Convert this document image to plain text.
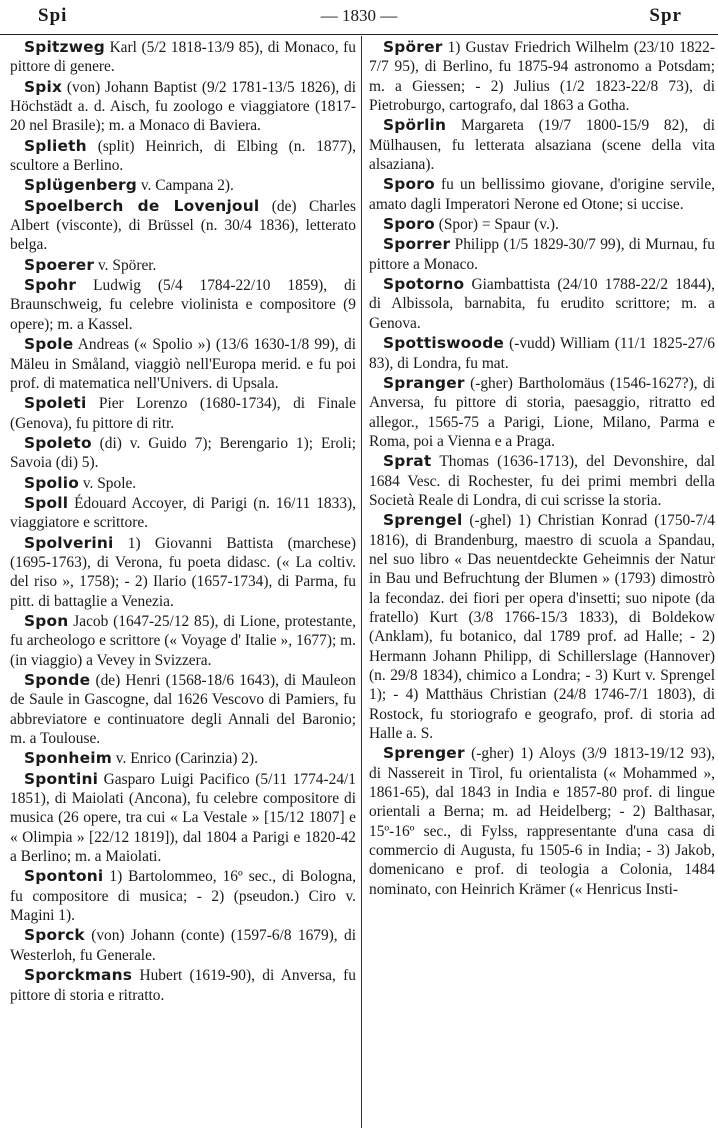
Spi	— 1830 —	Spr

Spitzweg Karl (5/2 1818-13/9 85), di Monaco, fu pittore di genere.

Spix (von) Johann Baptist (9/2 1781-13/5 1826), di Höchstädt a. d. Aisch, fu zoologo e viaggiatore (1817-20 nel Brasile); m. a Monaco di Baviera.

Splieth (split) Heinrich, di Elbing (n. 1877), scultore a Berlino.

Splügenberg v. Campana 2).

Spoelberch de Lovenjoul (de) Charles Albert (visconte), di Brüssel (n. 30/4 1836), letterato belga.

Spoerer v. Spörer.

Spohr Ludwig (5/4 1784-22/10 1859), di Braunschweig, fu celebre violinista e compositore (9 opere); m. a Kassel.

Spole Andreas (« Spolio ») (13/6 1630-1/8 99), di Mäleu in Småland, viaggiò nell'Europa merid. e fu poi prof. di matematica nell'Univers. di Upsala.

Spoleti Pier Lorenzo (1680-1734), di Finale (Genova), fu pittore di ritr.

Spoleto (di) v. Guido 7); Berengario 1); Eroli; Savoia (di) 5).

Spolio v. Spole.

Spoll Édouard Accoyer, di Parigi (n. 16/11 1833), viaggiatore e scrittore.

Spolverini 1) Giovanni Battista (marchese) (1695-1763), di Verona, fu poeta didasc. (« La coltiv. del riso », 1758); - 2) Ilario (1657-1734), di Parma, fu pitt. di battaglie a Venezia.

Spon Jacob (1647-25/12 85), di Lione, protestante, fu archeologo e scrittore (« Voyage d' Italie », 1677); m. (in viaggio) a Vevey in Svizzera.

Sponde (de) Henri (1568-18/6 1643), di Mauleon de Saule in Gascogne, dal 1626 Vescovo di Pamiers, fu abbreviatore e continuatore degli Annali del Baronio; m. a Toulouse.

Sponheim v. Enrico (Carinzia) 2).

Spontini Gasparo Luigi Pacifico (5/11 1774-24/1 1851), di Maiolati (Ancona), fu celebre compositore di musica (26 opere, tra cui « La Vestale » [15/12 1807] e « Olimpia » [22/12 1819]), dal 1804 a Parigi e 1820-42 a Berlino; m. a Maiolati.

Spontoni 1) Bartolommeo, 16º sec., di Bologna, fu compositore di musica; - 2) (pseudon.) Ciro v. Magini 1).

Sporck (von) Johann (conte) (1597-6/8 1679), di Westerloh, fu Generale.

Sporckmans Hubert (1619-90), di Anversa, fu pittore di storia e ritratto.

Spörer 1) Gustav Friedrich Wilhelm (23/10 1822-7/7 95), di Berlino, fu 1875-94 astronomo a Potsdam; m. a Giessen; - 2) Julius (1/2 1823-22/8 73), di Pietroburgo, cartografo, dal 1863 a Gotha.

Spörlin Margareta (19/7 1800-15/9 82), di Mülhausen, fu letterata alsaziana (scene della vita alsaziana).

Sporo fu un bellissimo giovane, d'origine servile, amato dagli Imperatori Nerone ed Otone; si uccise.

Sporo (Spor) = Spaur (v.).

Sporrer Philipp (1/5 1829-30/7 99), di Murnau, fu pittore a Monaco.

Spotorno Giambattista (24/10 1788-22/2 1844), di Albissola, barnabita, fu erudito scrittore; m. a Genova.

Spottiswoode (-vudd) William (11/1 1825-27/6 83), di Londra, fu mat.

Spranger (-gher) Bartholomäus (1546-1627?), di Anversa, fu pittore di storia, paesaggio, ritratto ed allegor., 1565-75 a Parigi, Lione, Milano, Parma e Roma, poi a Vienna e a Praga.

Sprat Thomas (1636-1713), del Devonshire, dal 1684 Vesc. di Rochester, fu dei primi membri della Società Reale di Londra, di cui scrisse la storia.

Sprengel (-ghel) 1) Christian Konrad (1750-7/4 1816), di Brandenburg, maestro di scuola a Spandau, nel suo libro « Das neuentdeckte Geheimnis der Natur in Bau und Befruchtung der Blumen » (1793) dimostrò la fecondaz. dei fiori per opera d'insetti; suo nipote (da fratello) Kurt (3/8 1766-15/3 1833), di Boldekow (Anklam), fu botanico, dal 1789 prof. ad Halle; - 2) Hermann Johann Philipp, di Schillerslage (Hannover) (n. 29/8 1834), chimico a Londra; - 3) Kurt v. Sprengel 1); - 4) Matthäus Christian (24/8 1746-7/1 1803), di Rostock, fu storiografo e geografo, prof. di storia ad Halle a. S.

Sprenger (-gher) 1) Aloys (3/9 1813-19/12 93), di Nassereit in Tirol, fu orientalista (« Mohammed », 1861-65), dal 1843 in India e 1857-80 prof. di lingue orientali a Berna; m. ad Heidelberg; - 2) Balthasar, 15º-16º sec., di Fylss, rappresentante d'una casa di commercio di Augusta, fu 1505-6 in India; - 3) Jakob, domenicano e prof. di teologia a Colonia, 1484 nominato, con Heinrich Krämer (« Henricus Insti-
